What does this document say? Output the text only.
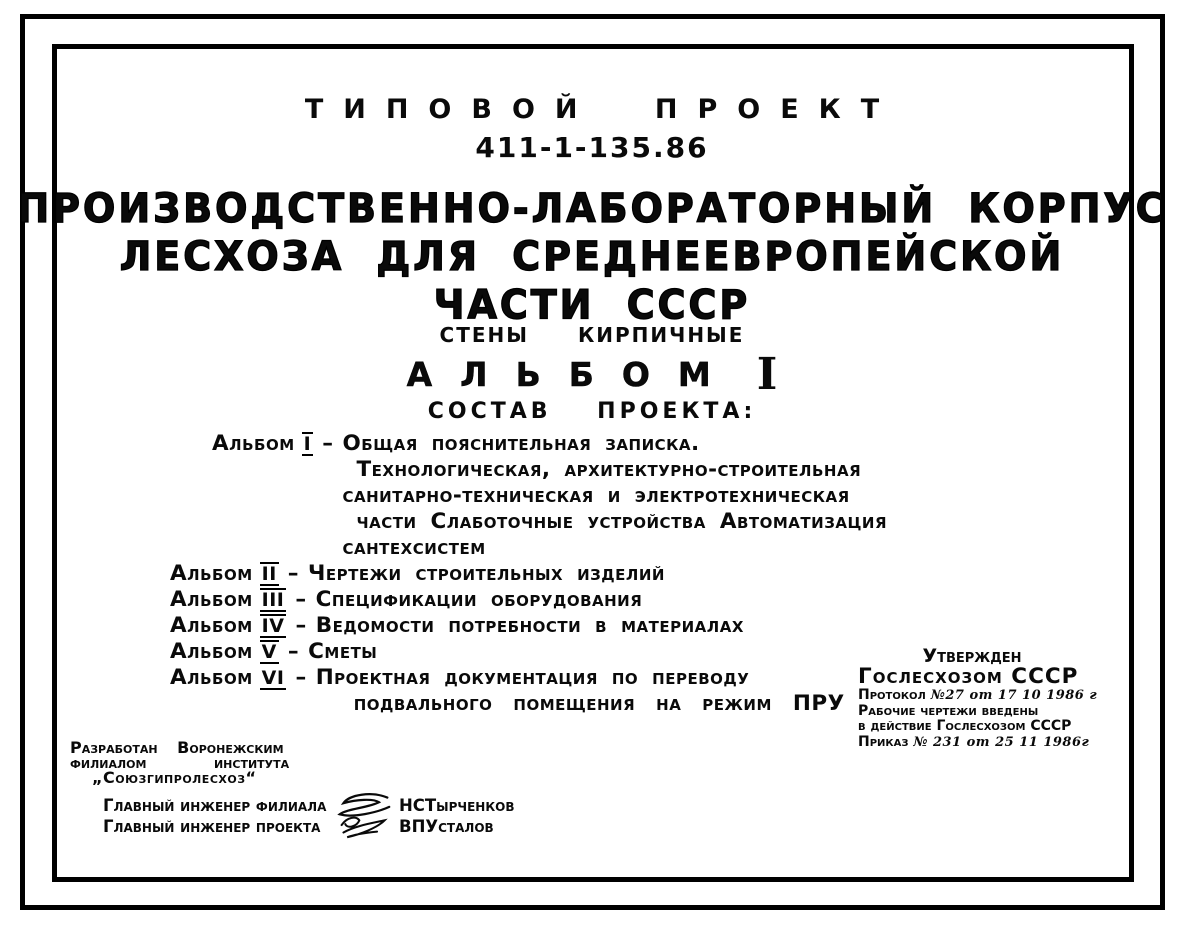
ТИПОВОЙ ПРОЕКТ
411-1-135.86
ПРОИЗВОДСТВЕННО-ЛАБОРАТОРНЫЙ КОРПУС
ЛЕСХОЗА ДЛЯ СРЕДНЕЕВРОПЕЙСКОЙ
ЧАСТИ СССР
СТЕНЫ КИРПИЧНЫЕ
АЛЬБОМ I
СОСТАВ ПРОЕКТА:
Альбом I – Общая пояснительная записка.
Технологическая, архитектурно-строительная
санитарно-техническая и электротехническая
части Слаботочные устройства Автоматизация
сантехсистем
Альбом II – Чертежи строительных изделий
Альбом III – Спецификации оборудования
Альбом IV – Ведомости потребности в материалах
Альбом V – Сметы
Альбом VI – Проектная документация по переводу
подвального помещения на режим ПРУ
Утвержден
Гослесхозом СССР
Протокол №27 от 17 10 1986 г
Рабочие чертежи введены
в действие Гослесхозом СССР
Приказ № 231 от 25 11 1986г
Разработан Воронежским
филиалом института
„Союзгипролесхоз“
Главный инженер филиала	НСТырченков
Главный инженер проекта	ВПУсталов
